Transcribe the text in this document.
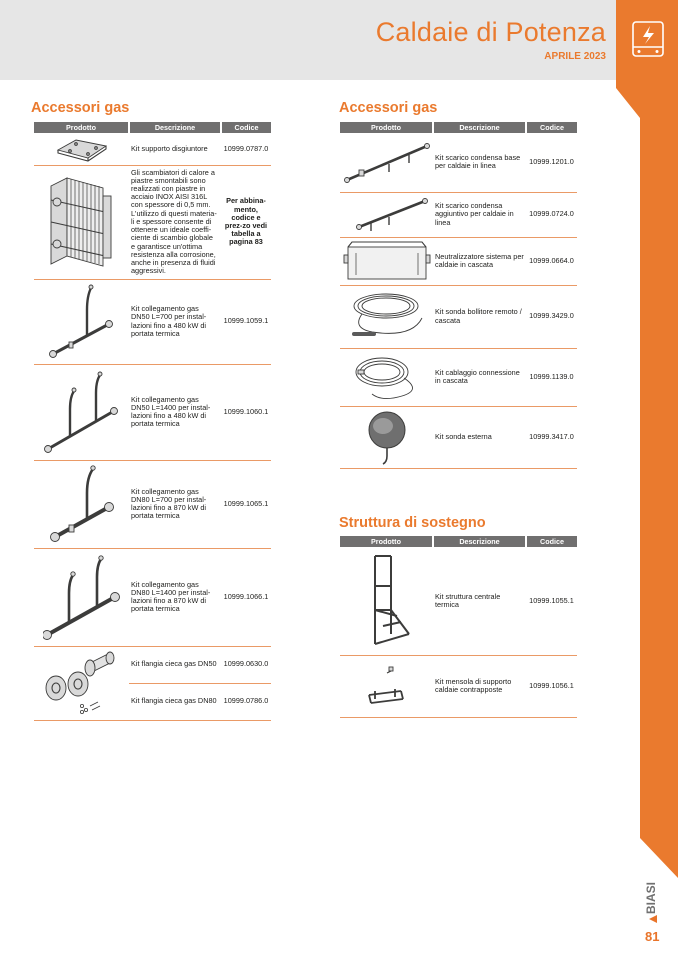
Caldaie di Potenza
APRILE 2023
BIASI
81
Accessori gas
Prodotto	Descrizione	Codice

	Kit supporto disgiuntore	10999.0787.0

	Gli scambiatori di calore a piastre smontabili sono realizzati con piastre in acciaio INOX AISI 316L con spessore di 0,5 mm. L'utilizzo di questi materia-li e spessore consente di ottenere un ideale coeffi-ciente di scambio globale e garantisce un'ottima resistenza alla corrosione, anche in presenza di fluidi aggressivi.	Per abbina-mento, codice e prez-zo vedi tabella a pagina 83

	Kit collegamento gas DN50 L=700 per instal-lazioni fino a 480 kW di portata termica	10999.1059.1

	Kit collegamento gas DN50 L=1400 per instal-lazioni fino a 480 kW di portata termica	10999.1060.1

	Kit collegamento gas DN80 L=700 per instal-lazioni fino a 870 kW di portata termica	10999.1065.1

	Kit collegamento gas DN80 L=1400 per instal-lazioni fino a 870 kW di portata termica	10999.1066.1

	Kit flangia cieca gas DN50	10999.0630.0
	Kit flangia cieca gas DN80	10999.0786.0
Accessori gas
Prodotto	Descrizione	Codice

	Kit scarico condensa base per caldaie in linea	10999.1201.0

	Kit scarico condensa aggiuntivo per caldaie in linea	10999.0724.0

	Neutralizzatore sistema per caldaie in cascata	10999.0664.0

	Kit sonda bollitore remoto / cascata	10999.3429.0

	Kit cablaggio connessione in cascata	10999.1139.0

	Kit sonda esterna	10999.3417.0
Struttura di sostegno
Prodotto	Descrizione	Codice

	Kit struttura centrale termica	10999.1055.1

	Kit mensola di supporto caldaie contrapposte	10999.1056.1
